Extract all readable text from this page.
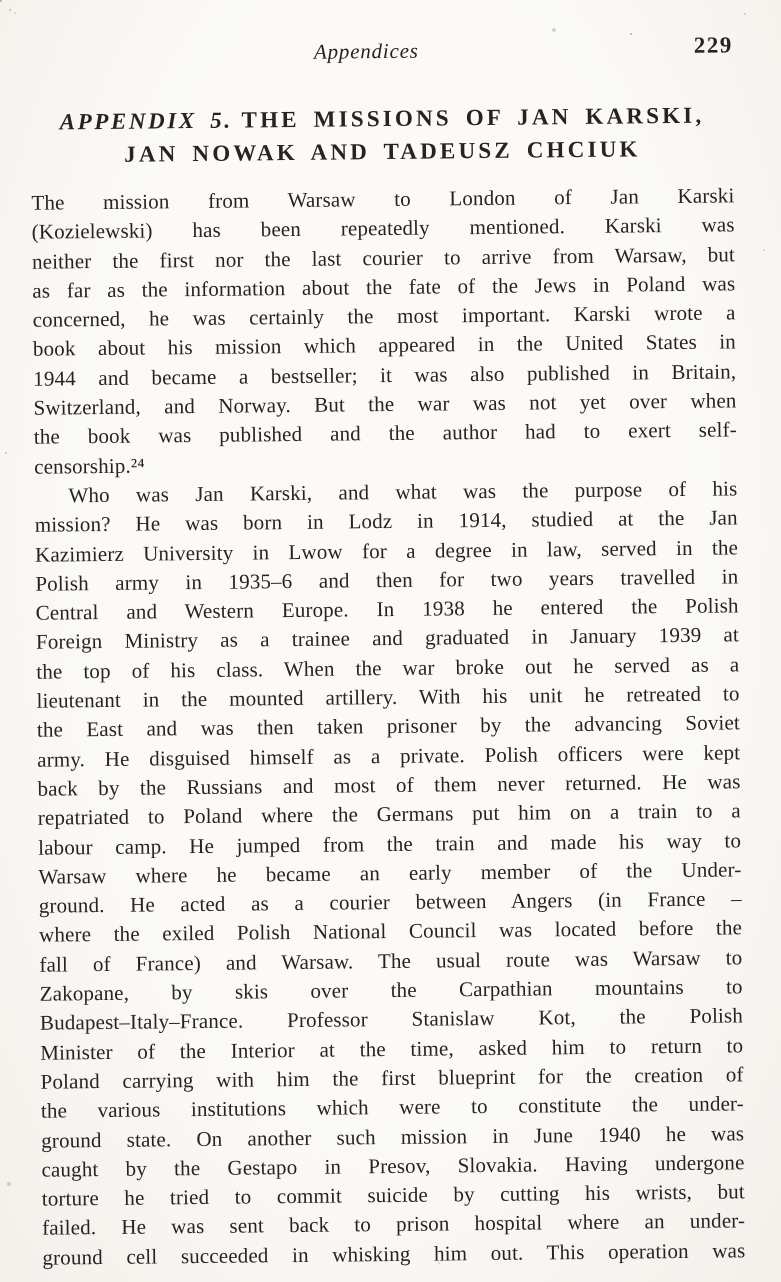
Appendices	229
APPENDIX 5. THE MISSIONS OF JAN KARSKI,
JAN NOWAK AND TADEUSZ CHCIUK
The mission from Warsaw to London of Jan Karski
(Kozielewski) has been repeatedly mentioned. Karski was
neither the first nor the last courier to arrive from Warsaw, but
as far as the information about the fate of the Jews in Poland was
concerned, he was certainly the most important. Karski wrote a
book about his mission which appeared in the United States in
1944 and became a bestseller; it was also published in Britain,
Switzerland, and Norway. But the war was not yet over when
the book was published and the author had to exert self-
censorship.²⁴
Who was Jan Karski, and what was the purpose of his
mission? He was born in Lodz in 1914, studied at the Jan
Kazimierz University in Lwow for a degree in law, served in the
Polish army in 1935–6 and then for two years travelled in
Central and Western Europe. In 1938 he entered the Polish
Foreign Ministry as a trainee and graduated in January 1939 at
the top of his class. When the war broke out he served as a
lieutenant in the mounted artillery. With his unit he retreated to
the East and was then taken prisoner by the advancing Soviet
army. He disguised himself as a private. Polish officers were kept
back by the Russians and most of them never returned. He was
repatriated to Poland where the Germans put him on a train to a
labour camp. He jumped from the train and made his way to
Warsaw where he became an early member of the Under-
ground. He acted as a courier between Angers (in France –
where the exiled Polish National Council was located before the
fall of France) and Warsaw. The usual route was Warsaw to
Zakopane, by skis over the Carpathian mountains to
Budapest–Italy–France. Professor Stanislaw Kot, the Polish
Minister of the Interior at the time, asked him to return to
Poland carrying with him the first blueprint for the creation of
the various institutions which were to constitute the under-
ground state. On another such mission in June 1940 he was
caught by the Gestapo in Presov, Slovakia. Having undergone
torture he tried to commit suicide by cutting his wrists, but
failed. He was sent back to prison hospital where an under-
ground cell succeeded in whisking him out. This operation was
